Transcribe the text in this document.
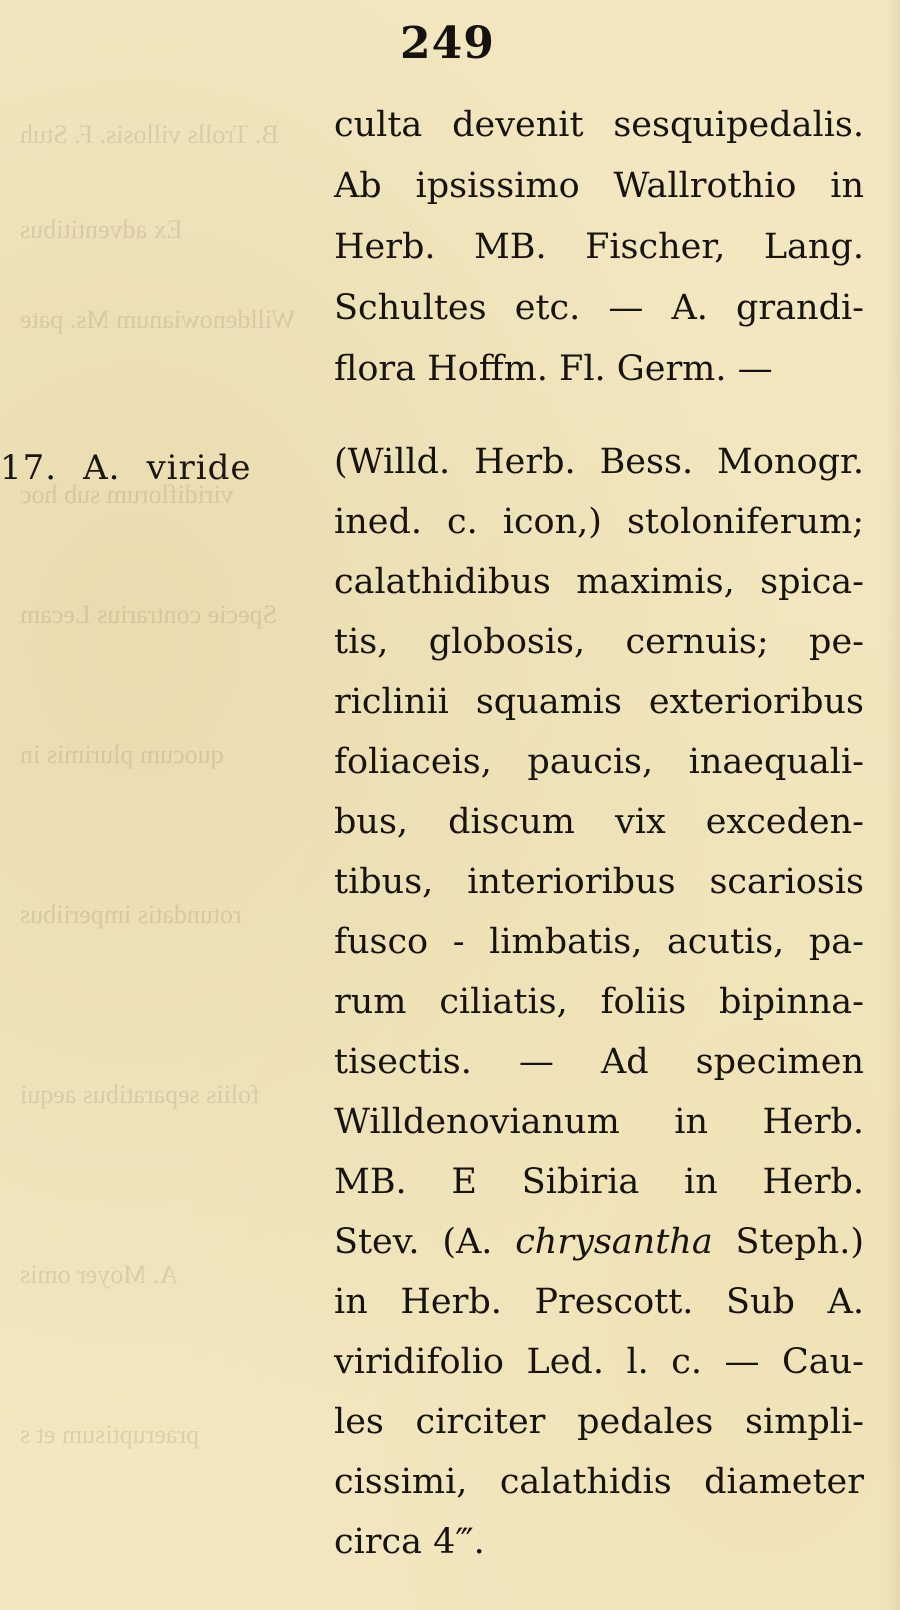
B. Trolls villosis. F. Stuh
Ex adventitibus
Willdenowianum Ms. pate
viridiflorum sub hoc
Specie contrarius Lecam
quocum plurimis in
rotundatis imperiibus
foliis separatibus aequi
A. Moyer omis
praeruptisum et s
249
culta devenit sesquipedalis.
Ab ipsissimo Wallrothio in
Herb. MB. Fischer, Lang.
Schultes etc. — A. grandi-
flora Hoffm. Fl. Germ. —
17. A. viride (Willd. Herb. Bess. Monogr.
ined. c. icon,) stoloniferum;
calathidibus maximis, spica-
tis, globosis, cernuis; pe-
riclinii squamis exterioribus
foliaceis, paucis, inaequali-
bus, discum vix exceden-
tibus, interioribus scariosis
fusco - limbatis, acutis, pa-
rum ciliatis, foliis bipinna-
tisectis. — Ad specimen
Willdenovianum in Herb.
MB. E Sibiria in Herb.
Stev. (A. chrysantha Steph.)
in Herb. Prescott. Sub A.
viridifolio Led. l. c. — Cau-
les circiter pedales simpli-
cissimi, calathidis diameter
circa 4‴.
